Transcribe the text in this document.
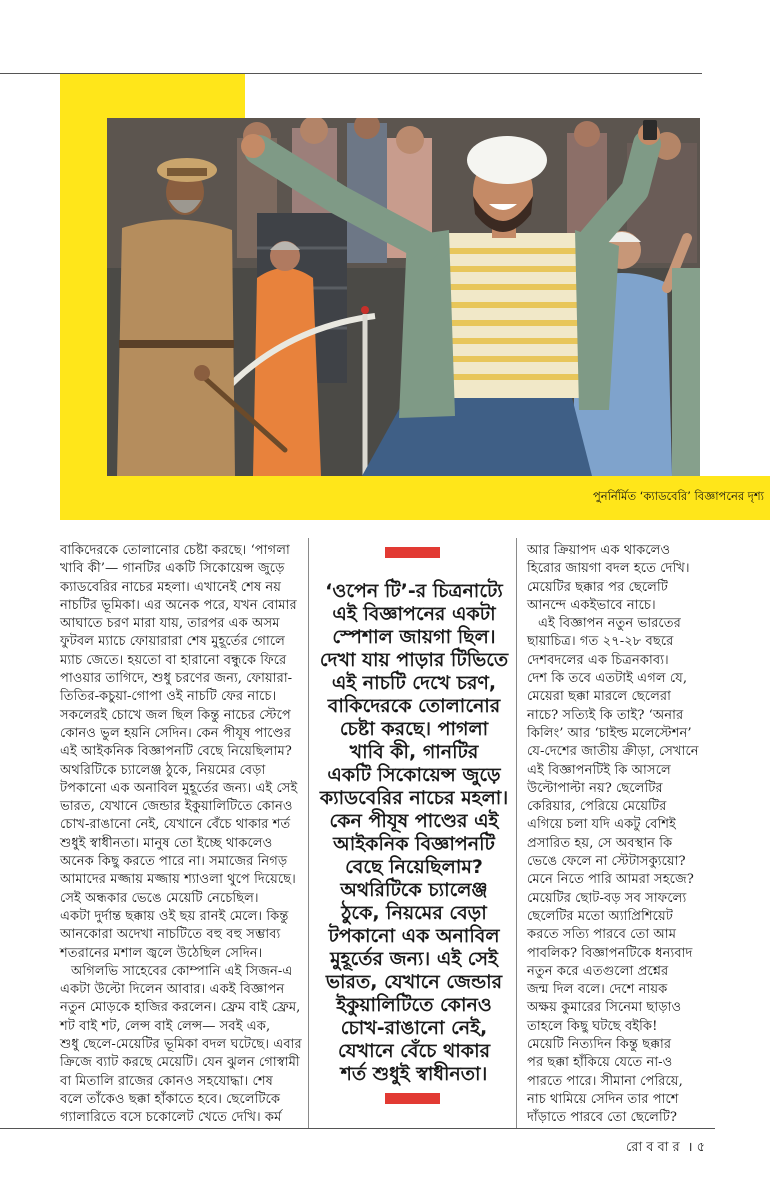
পুনর্নির্মিত ‘ক্যাডবেরি’ বিজ্ঞাপনের দৃশ্য
বাকিদেরকে তোলানোর চেষ্টা করছে। ‘পাগলা
খাবি কী’— গানটির একটি সিকোয়েন্স জুড়ে
ক্যাডবেরির নাচের মহলা। এখানেই শেষ নয়
নাচটির ভূমিকা। এর অনেক পরে, যখন বোমার
আঘাতে চরণ মারা যায়, তারপর এক অসম
ফুটবল ম্যাচে ফোয়ারারা শেষ মুহূর্তের গোলে
ম্যাচ জেতে। হয়তো বা হারানো বন্ধুকে ফিরে
পাওয়ার তাগিদে, শুধু চরণের জন্য, ফোয়ারা-
তিতির-কচুয়া-গোপা ওই নাচটি ফের নাচে।
সকলেরই চোখে জল ছিল কিন্তু নাচের স্টেপে
কোনও ভুল হয়নি সেদিন। কেন পীযূষ পাণ্ডের
এই আইকনিক বিজ্ঞাপনটি বেছে নিয়েছিলাম?
অথরিটিকে চ্যালেঞ্জ ঠুকে, নিয়মের বেড়া
টপকানো এক অনাবিল মুহূর্তের জন্য। এই সেই
ভারত, যেখানে জেন্ডার ইকুয়ালিটিতে কোনও
চোখ-রাঙানো নেই, যেখানে বেঁচে থাকার শর্ত
শুধুই স্বাধীনতা। মানুষ তো ইচ্ছে থাকলেও
অনেক কিছু করতে পারে না। সমাজের নিগড়
আমাদের মজ্জায় মজ্জায় শ্যাওলা থুপে দিয়েছে।
সেই অন্ধকার ভেঙে মেয়েটি নেচেছিল।
একটা দুর্দান্ত ছক্কায় ওই ছয় রানই মেলে। কিন্তু
আনকোরা অদেখা নাচটিতে বহু বহু সম্ভাব্য
শতরানের মশাল জ্বলে উঠেছিল সেদিন।
অগিলভি সাহেবের কোম্পানি এই সিজন-এ
একটা উল্টো দিলেন আবার। একই বিজ্ঞাপন
নতুন মোড়কে হাজির করলেন। ফ্রেম বাই ফ্রেম,
শট বাই শট, লেন্স বাই লেন্স— সবই এক,
শুধু ছেলে-মেয়েটির ভূমিকা বদল ঘটেছে। এবার
ক্রিজে ব্যাট করছে মেয়েটি। যেন ঝুলন গোস্বামী
বা মিতালি রাজের কোনও সহযোদ্ধা। শেষ
বলে তাঁকেও ছক্কা হাঁকাতে হবে। ছেলেটিকে
গ্যালারিতে বসে চকোলেট খেতে দেখি। কর্ম
‘ওপেন টি’-র চিত্রনাট্যে
এই বিজ্ঞাপনের একটা
স্পেশাল জায়গা ছিল।
দেখা যায় পাড়ার টিভিতে
এই নাচটি দেখে চরণ,
বাকিদেরকে তোলানোর
চেষ্টা করছে। পাগলা
খাবি কী, গানটির
একটি সিকোয়েন্স জুড়ে
ক্যাডবেরির নাচের মহলা।
কেন পীযূষ পাণ্ডের এই
আইকনিক বিজ্ঞাপনটি
বেছে নিয়েছিলাম?
অথরিটিকে চ্যালেঞ্জ
ঠুকে, নিয়মের বেড়া
টপকানো এক অনাবিল
মুহূর্তের জন্য। এই সেই
ভারত, যেখানে জেন্ডার
ইকুয়ালিটিতে কোনও
চোখ-রাঙানো নেই,
যেখানে বেঁচে থাকার
শর্ত শুধুই স্বাধীনতা।
আর ক্রিয়াপদ এক থাকলেও
হিরোর জায়গা বদল হতে দেখি।
মেয়েটির ছক্কার পর ছেলেটি
আনন্দে একইভাবে নাচে।
এই বিজ্ঞাপন নতুন ভারতের
ছায়াচিত্র। গত ২৭-২৮ বছরে
দেশবদলের এক চিত্রনকাব্য।
দেশ কি তবে এতটাই এগল যে,
মেয়েরা ছক্কা মারলে ছেলেরা
নাচে? সত্যিই কি তাই? ‘অনার
কিলিং’ আর ‘চাইল্ড মলেস্টেশন’
যে-দেশের জাতীয় ক্রীড়া, সেখানে
এই বিজ্ঞাপনটিই কি আসলে
উল্টোপাল্টা নয়? ছেলেটির
কেরিয়ার, পেরিয়ে মেয়েটির
এগিয়ে চলা যদি একটু বেশিই
প্রসারিত হয়, সে অবস্থান কি
ভেঙে ফেলে না স্টেটাসক্যুয়ো?
মেনে নিতে পারি আমরা সহজে?
মেয়েটির ছোট-বড় সব সাফল্যে
ছেলেটির মতো অ্যাপ্রিশিয়েট
করতে সত্যি পারবে তো আম
পাবলিক? বিজ্ঞাপনটিকে ধন্যবাদ
নতুন করে এতগুলো প্রশ্নের
জন্ম দিল বলে। দেশে নায়ক
অক্ষয় কুমারের সিনেমা ছাড়াও
তাহলে কিছু ঘটছে বইকি!
মেয়েটি নিত্যদিন কিন্তু ছক্কার
পর ছক্কা হাঁকিয়ে যেতে না-ও
পারতে পারে। সীমানা পেরিয়ে,
নাচ থামিয়ে সেদিন তার পাশে
দাঁড়াতে পারবে তো ছেলেটি?
রোববার । ৫
